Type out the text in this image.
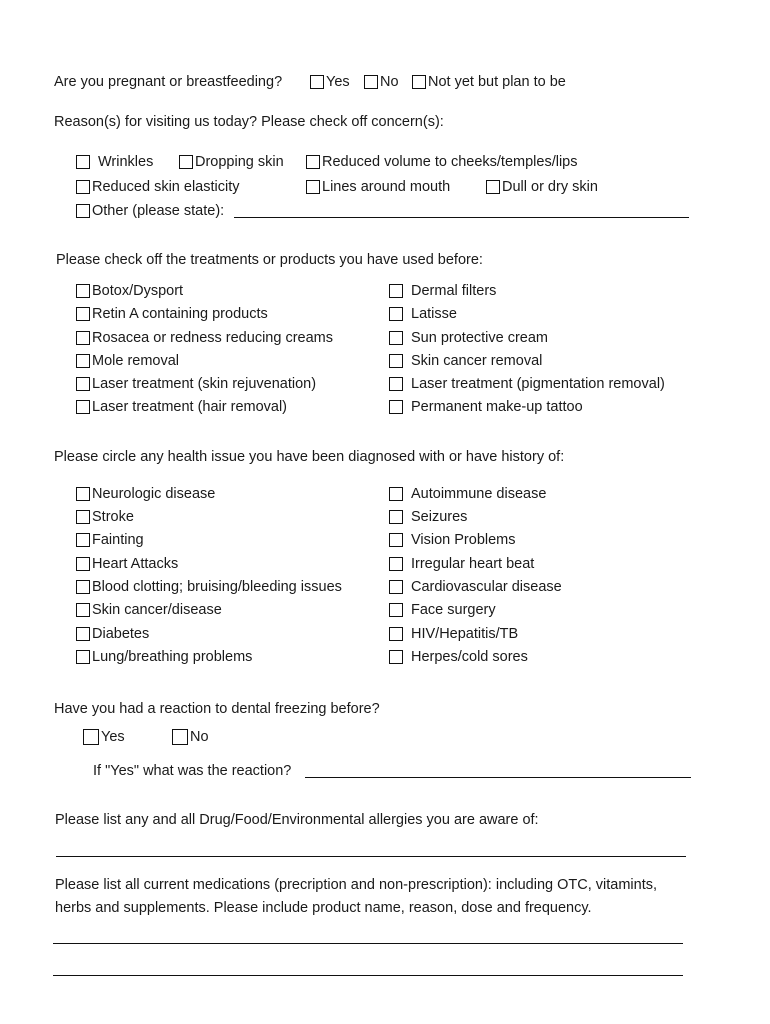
Are you pregnant or breastfeeding?	Yes No Not yet but plan to be
Reason(s) for visiting us today? Please check off concern(s):
Wrinkles	Dropping skin	Reduced volume to cheeks/temples/lips
Reduced skin elasticity	Lines around mouth	Dull or dry skin
Other (please state):
Please check off the treatments or products you have used before:
Botox/Dysport
Retin A containing products
Rosacea or redness reducing creams
Mole removal
Laser treatment (skin rejuvenation)
Laser treatment (hair removal)
Dermal filters
Latisse
Sun protective cream
Skin cancer removal
Laser treatment (pigmentation removal)
Permanent make-up tattoo
Please circle any health issue you have been diagnosed with or have history of:
Neurologic disease
Stroke
Fainting
Heart Attacks
Blood clotting; bruising/bleeding issues
Skin cancer/disease
Diabetes
Lung/breathing problems
Autoimmune disease
Seizures
Vision Problems
Irregular heart beat
Cardiovascular disease
Face surgery
HIV/Hepatitis/TB
Herpes/cold sores
Have you had a reaction to dental freezing before?
Yes	No
If "Yes" what was the reaction?
Please list any and all Drug/Food/Environmental allergies you are aware of:
Please list all current medications (precription and non-prescription): including OTC, vitamints,
herbs and supplements. Please include product name, reason, dose and frequency.
